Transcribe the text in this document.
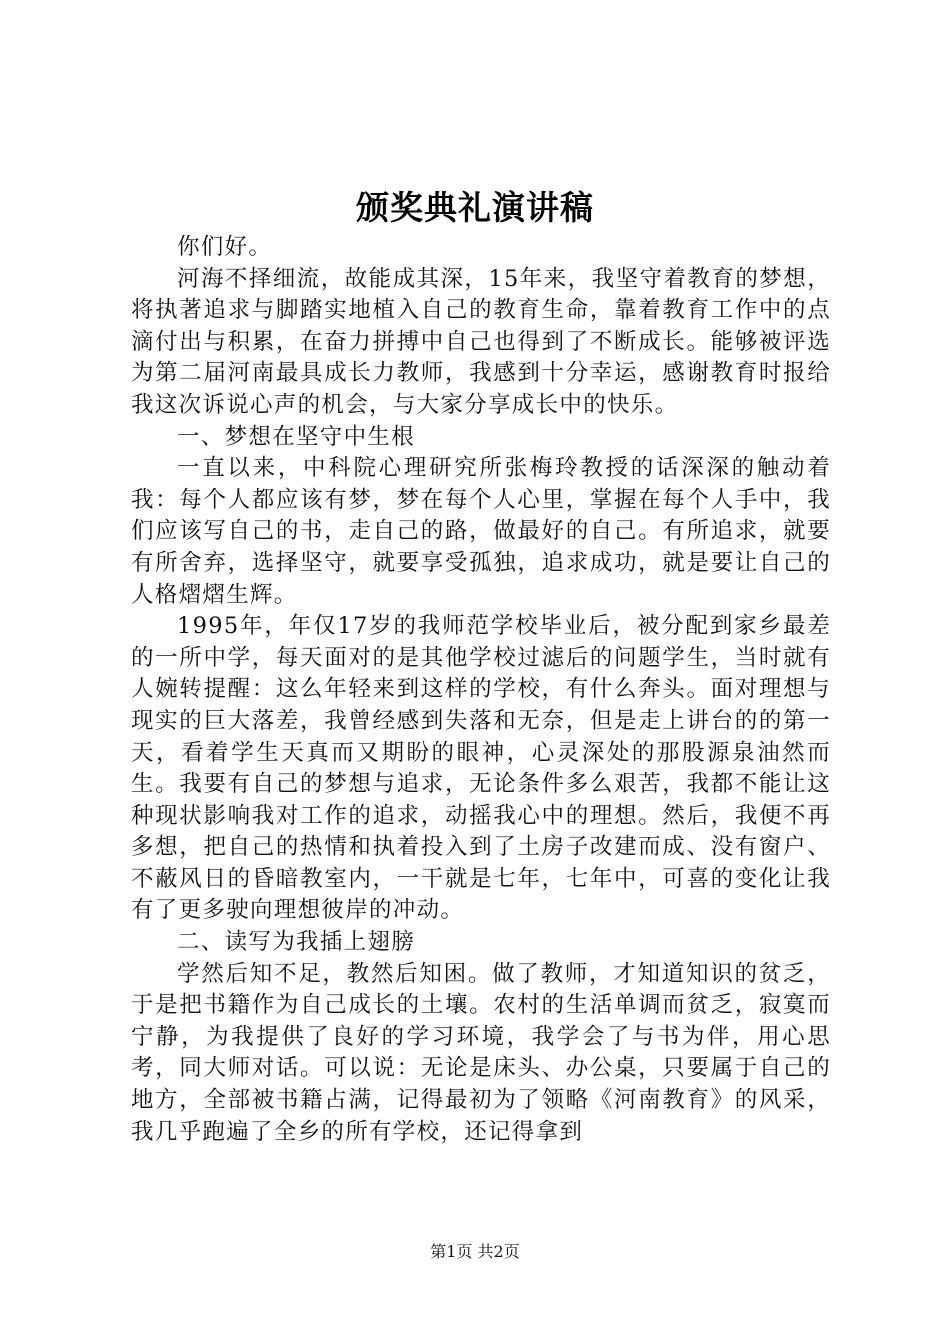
颁奖典礼演讲稿

你们好。

河海不择细流，故能成其深，15年来，我坚守着教育的梦想，将执著追求与脚踏实地植入自己的教育生命，靠着教育工作中的点滴付出与积累，在奋力拼搏中自己也得到了不断成长。能够被评选为第二届河南最具成长力教师，我感到十分幸运，感谢教育时报给我这次诉说心声的机会，与大家分享成长中的快乐。

一、梦想在坚守中生根

一直以来，中科院心理研究所张梅玲教授的话深深的触动着我：每个人都应该有梦，梦在每个人心里，掌握在每个人手中，我们应该写自己的书，走自己的路，做最好的自己。有所追求，就要有所舍弃，选择坚守，就要享受孤独，追求成功，就是要让自己的人格熠熠生辉。

1995年，年仅17岁的我师范学校毕业后，被分配到家乡最差的一所中学，每天面对的是其他学校过滤后的问题学生，当时就有人婉转提醒：这么年轻来到这样的学校，有什么奔头。面对理想与现实的巨大落差，我曾经感到失落和无奈，但是走上讲台的的第一天，看着学生天真而又期盼的眼神，心灵深处的那股源泉油然而生。我要有自己的梦想与追求，无论条件多么艰苦，我都不能让这种现状影响我对工作的追求，动摇我心中的理想。然后，我便不再多想，把自己的热情和执着投入到了土房子改建而成、没有窗户、不蔽风日的昏暗教室内，一干就是七年，七年中，可喜的变化让我有了更多驶向理想彼岸的冲动。

二、读写为我插上翅膀

学然后知不足，教然后知困。做了教师，才知道知识的贫乏，于是把书籍作为自己成长的土壤。农村的生活单调而贫乏，寂寞而宁静，为我提供了良好的学习环境，我学会了与书为伴，用心思考，同大师对话。可以说：无论是床头、办公桌，只要属于自己的地方，全部被书籍占满，记得最初为了领略《河南教育》的风采，我几乎跑遍了全乡的所有学校，还记得拿到

第1页 共2页
